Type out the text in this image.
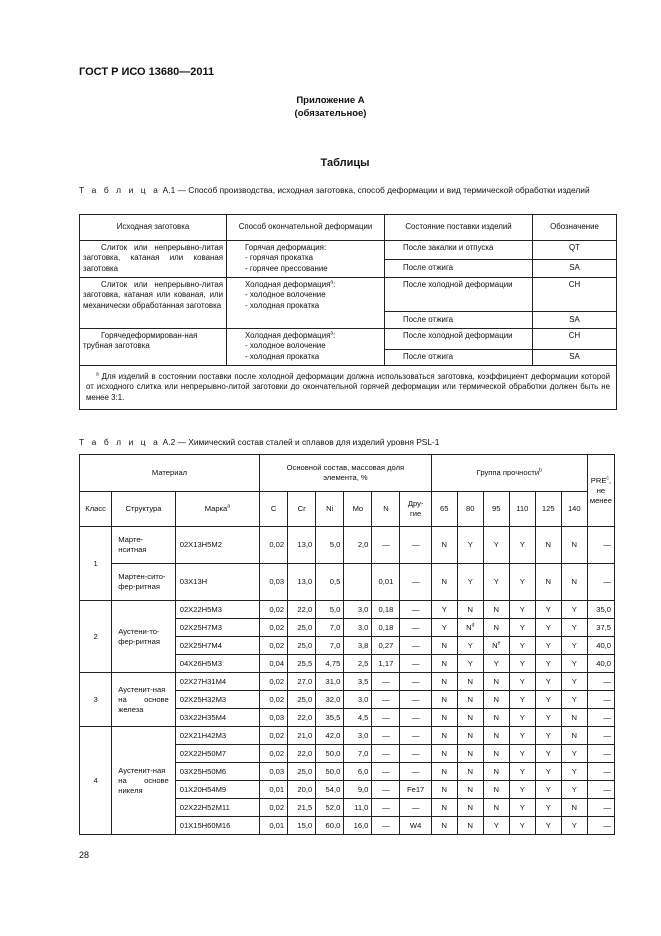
ГОСТ Р ИСО 13680—2011
Приложение А
(обязательное)
Таблицы
Т а б л и ц а А.1 — Способ производства, исходная заготовка, способ деформации и вид термической обработки изделий
Исходная заготовка	Способ окончательной деформации	Состояние поставки изделий	Обозначение
Слиток или непрерывно-литая заготовка, катаная или кованая заготовка	Горячая деформация:
- горячая прокатка
- горячее прессование	После закалки и отпуска	QT
		После отжига	SA
Слиток или непрерывно-литая заготовка, катаная или кованая, или механически обработанная заготовка	Холодная деформация$^a$:
- холодное волочение
- холодная прокатка	После холодной деформации	CH
		После отжига	SA
Горячедеформирован-ная трубная заготовка	Холодная деформация$^a$:
- холодное волочение
- холодная прокатка	После холодной деформации	CH
		После отжига	SA
$^a$ Для изделий в состоянии поставки после холодной деформации должна использоваться заготовка, коэффициент деформации которой от исходного слитка или непрерывно-литой заготовки до окончательной горячей деформации или термической обработки должен быть не менее 3:1.			
Т а б л и ц а А.2 — Химический состав сталей и сплавов для изделий уровня PSL-1
Материал			Основной состав, массовая доля элемента, %						Группа прочности$^b$						PRE$^c$, не менее
Класс	Структура	Марка$^a$	C	Cr	Ni	Mo	N	Дру-гие	65	80	95	110	125	140	
1	Марте-нситная	02Х13Н5М2	0,02	13,0	5,0	2,0	—	—	N	Y	Y	Y	N	N	—
	Мартен-сито-фер-ритная	03Х13Н	0,03	13,0	0,5		0,01	—	N	Y	Y	Y	N	N	—
2	Аустени-то-фер-ритная	02Х22Н5М3	0,02	22,0	5,0	3,0	0,18	—	Y	N	N	Y	Y	Y	35,0
		02Х25Н7М3	0,02	25,0	7,0	3,0	0,18	—	Y	$N^d$	N	Y	Y	Y	37,5
		02Х25Н7М4	0,02	25,0	7,0	3,8	0,27	—	N	Y	$N^e$	Y	Y	Y	40,0
		04Х26Н5М3	0,04	25,5	4,75	2,5	1,17	—	N	Y	Y	Y	Y	Y	40,0
3	Аустенит-ная на основе железа	02Х27Н31М4	0,02	27,0	31,0	3,5	—	—	N	N	N	Y	Y	Y	—
		02Х25Н32М3	0,02	25,0	32,0	3,0	—	—	N	N	N	Y	Y	Y	—
		03Х22Н35М4	0,03	22,0	35,5	4,5	—	—	N	N	N	Y	Y	N	—
4	Аустенит-ная на основе никеля	02Х21Н42М3	0,02	21,0	42,0	3,0	—	—	N	N	N	Y	Y	N	—
		02Х22Н50М7	0,02	22,0	50,0	7,0	—	—	N	N	N	Y	Y	Y	—
		03Х25Н50М6	0,03	25,0	50,0	6,0	—	—	N	N	N	Y	Y	Y	—
		01Х20Н54М9	0,01	20,0	54,0	9,0	—	Fe17	N	N	N	Y	Y	Y	—
		02Х22Н52М11	0,02	21,5	52,0	11,0	—	—	N	N	N	Y	Y	N	—
		01Х15Н60М16	0,01	15,0	60,0	16,0	—	W4	N	N	Y	Y	Y	Y	—
28
